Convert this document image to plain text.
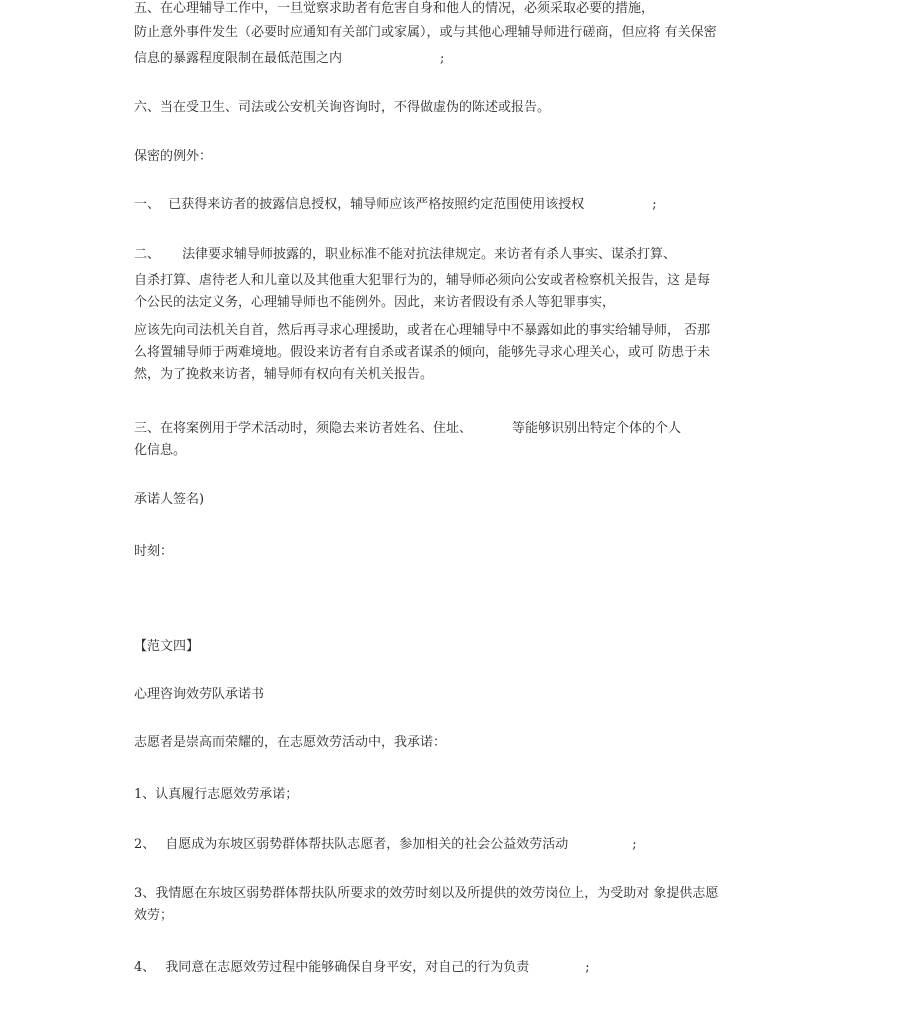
五、在心理辅导工作中，一旦觉察求助者有危害自身和他人的情况，必须采取必要的措施，
防止意外事件发生（必要时应通知有关部门或家属），或与其他心理辅导师进行磋商，但应将 有关保密
信息的暴露程度限制在最低范围之内	;
六、当在受卫生、司法或公安机关询咨询时，不得做虚伪的陈述或报告。
保密的例外：
一、  已获得来访者的披露信息授权，辅导师应该严格按照约定范围使用该授权	;
二、 法律要求辅导师披露的，职业标准不能对抗法律规定。来访者有杀人事实、谋杀打算、
自杀打算、虐待老人和儿童以及其他重大犯罪行为的，辅导师必须向公安或者检察机关报告，这 是每
个公民的法定义务，心理辅导师也不能例外。因此，来访者假设有杀人等犯罪事实，
应该先向司法机关自首，然后再寻求心理援助，或者在心理辅导中不暴露如此的事实给辅导师， 否那
么将置辅导师于两难境地。假设来访者有自杀或者谋杀的倾向，能够先寻求心理关心，或可 防患于未
然，为了挽救来访者，辅导师有权向有关机关报告。
三、在将案例用于学术活动时，须隐去来访者姓名、住址、	等能够识别出特定个体的个人
化信息。
承诺人签名)
时刻：
【范文四】
心理咨询效劳队承诺书
志愿者是崇高而荣耀的，在志愿效劳活动中，我承诺：
1、认真履行志愿效劳承诺；
2、 自愿成为东坡区弱势群体帮扶队志愿者，参加相关的社会公益效劳活动	;
3、我情愿在东坡区弱势群体帮扶队所要求的效劳时刻以及所提供的效劳岗位上，为受助对 象提供志愿
效劳；
4、 我同意在志愿效劳过程中能够确保自身平安，对自己的行为负责	;
